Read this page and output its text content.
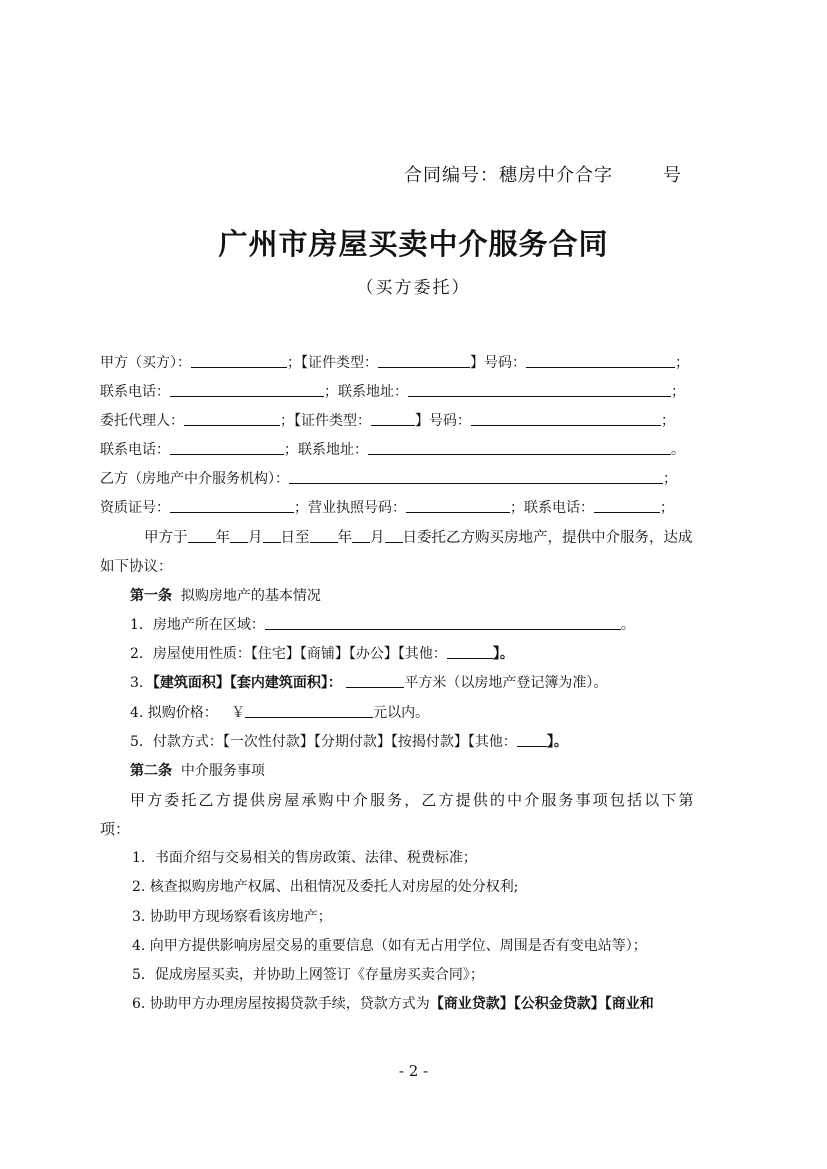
合同编号：穗房中介合字	号
广州市房屋买卖中介服务合同
（买方委托）
甲方（买方）：	；【证件类型：	】号码：	；
联系电话：	；联系地址：	；
委托代理人：	；【证件类型：	】号码：	；
联系电话：	；联系地址：	。
乙方（房地产中介服务机构）：	；
资质证号：	；营业执照号码：	；联系电话：	；
甲方于 年 月 日至 年 月 日委托乙方购买房地产，提供中介服务，达成
如下协议：
第一条 拟购房地产的基本情况
1．房地产所在区域：	。
2．房屋使用性质：【住宅】【商铺】【办公】【其他：	】。
3．【建筑面积】【套内建筑面积】：	平方米（以房地产登记簿为准）。
4. 拟购价格： ￥	元以内。
5．付款方式：【一次性付款】【分期付款】【按揭付款】【其他： 】。
第二条 中介服务事项
甲方委托乙方提供房屋承购中介服务，乙方提供的中介服务事项包括以下第
项：
1．书面介绍与交易相关的售房政策、法律、税费标准；
2. 核查拟购房地产权属、出租情况及委托人对房屋的处分权利;
3. 协助甲方现场察看该房地产；
4. 向甲方提供影响房屋交易的重要信息（如有无占用学位、周围是否有变电站等）；
5．促成房屋买卖，并协助上网签订《存量房买卖合同》；
6. 协助甲方办理房屋按揭贷款手续，贷款方式为【商业贷款】【公积金贷款】【商业和
- 2 -
